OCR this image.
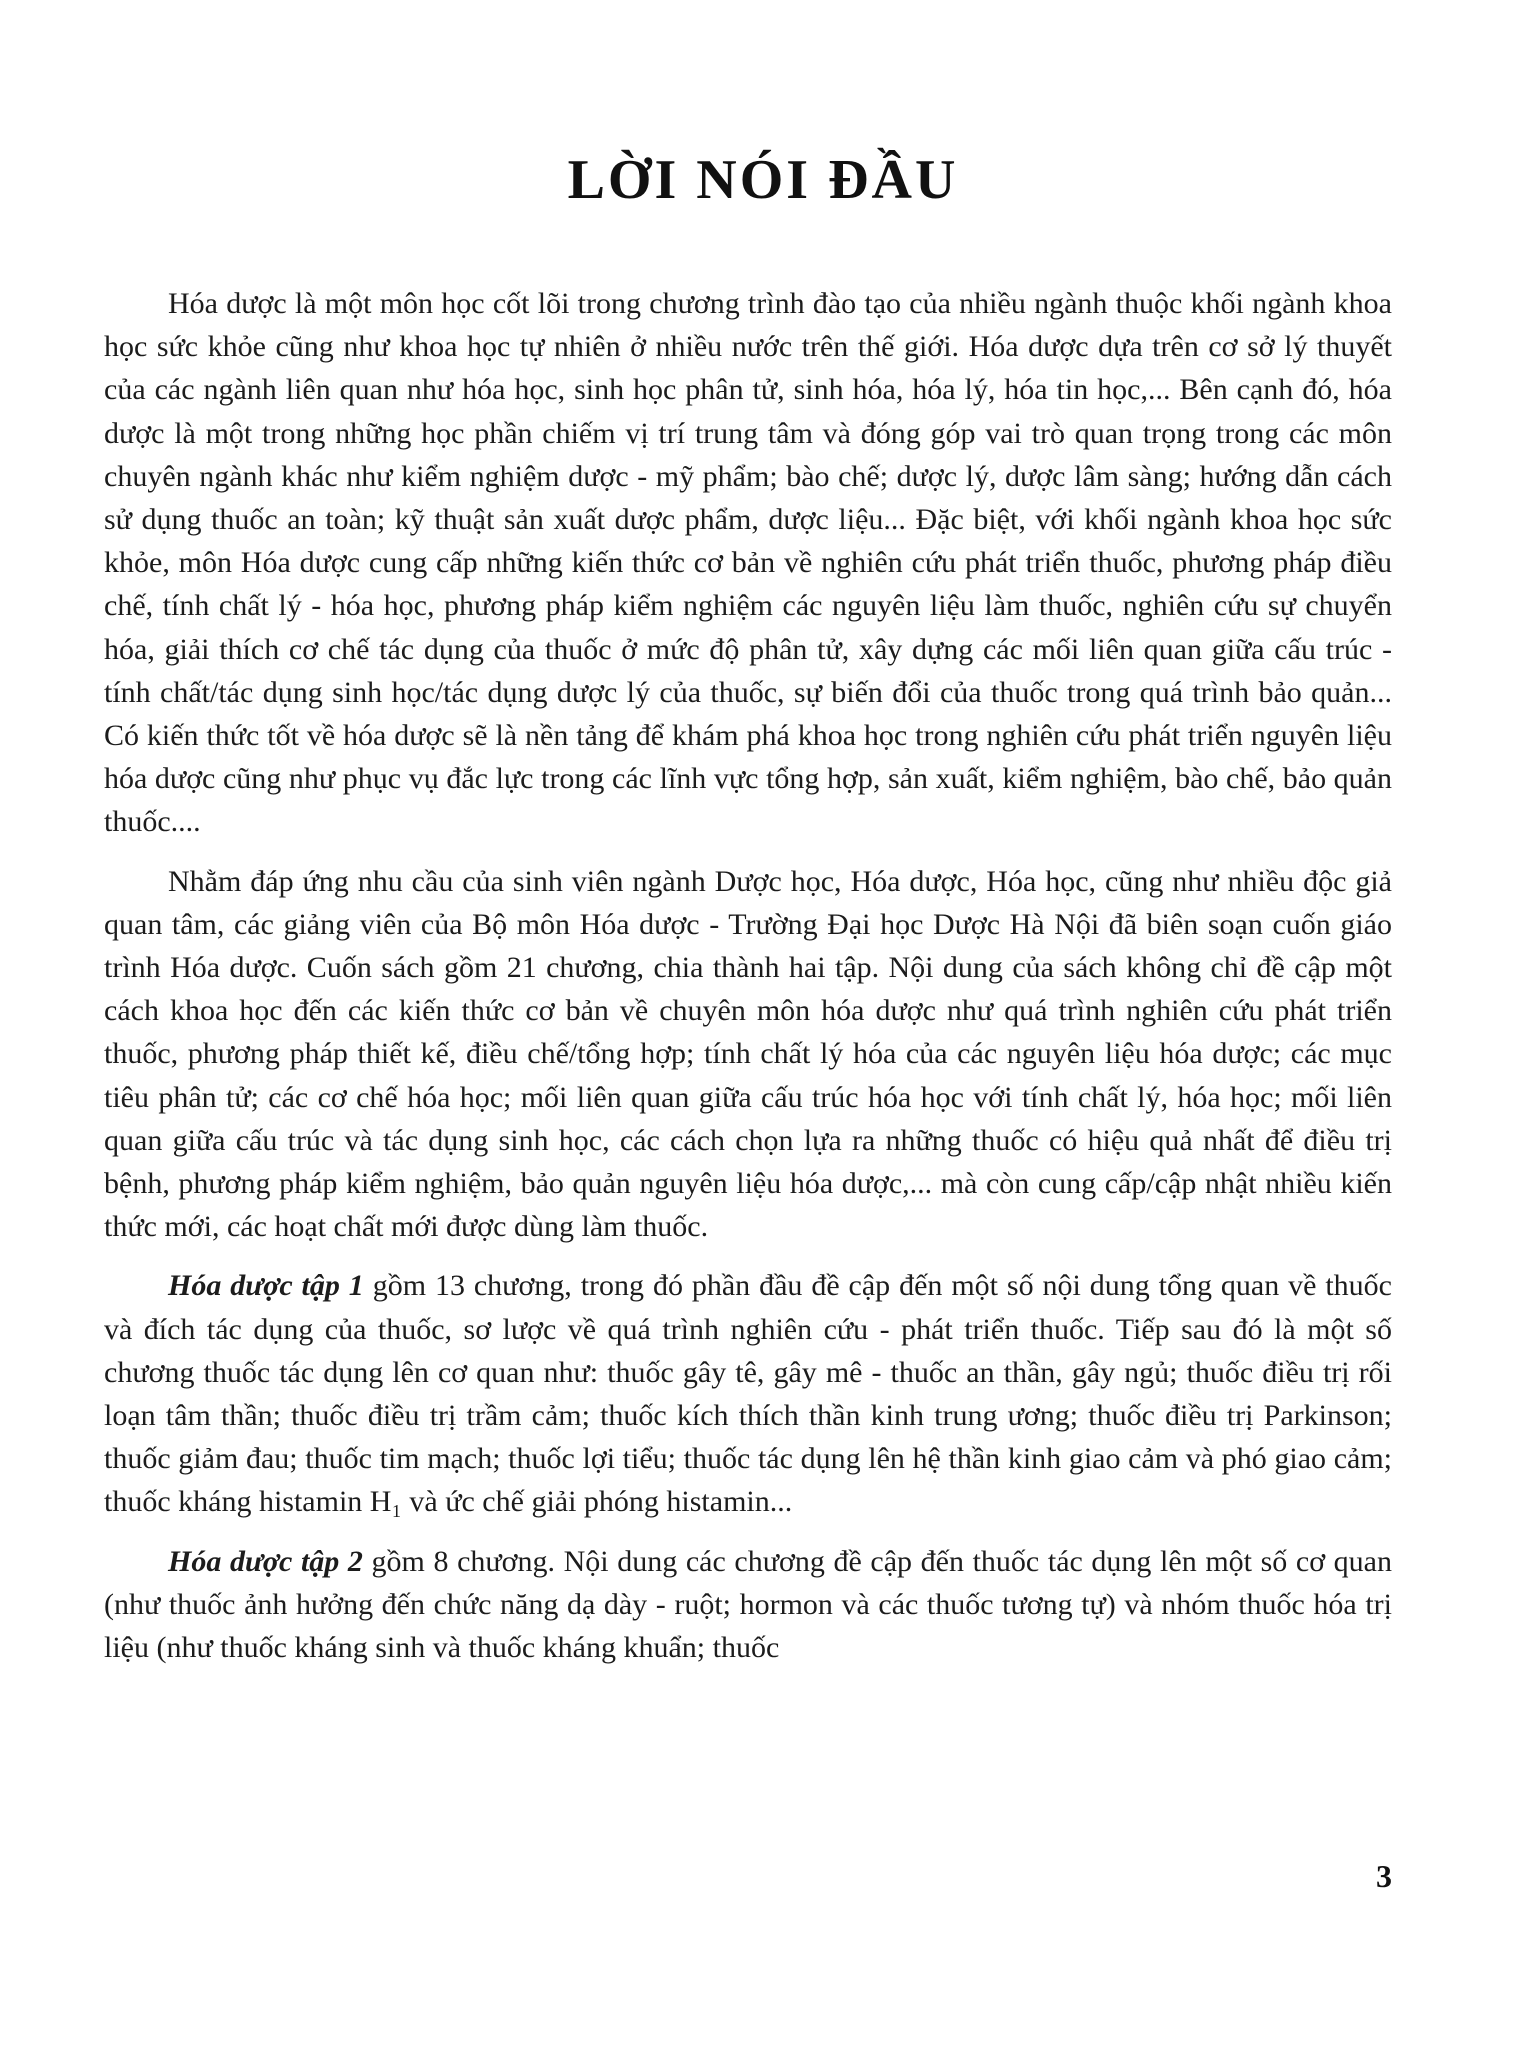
LỜI NÓI ĐẦU

Hóa dược là một môn học cốt lõi trong chương trình đào tạo của nhiều ngành thuộc khối ngành khoa học sức khỏe cũng như khoa học tự nhiên ở nhiều nước trên thế giới. Hóa dược dựa trên cơ sở lý thuyết của các ngành liên quan như hóa học, sinh học phân tử, sinh hóa, hóa lý, hóa tin học,... Bên cạnh đó, hóa dược là một trong những học phần chiếm vị trí trung tâm và đóng góp vai trò quan trọng trong các môn chuyên ngành khác như kiểm nghiệm dược - mỹ phẩm; bào chế; dược lý, dược lâm sàng; hướng dẫn cách sử dụng thuốc an toàn; kỹ thuật sản xuất dược phẩm, dược liệu... Đặc biệt, với khối ngành khoa học sức khỏe, môn Hóa dược cung cấp những kiến thức cơ bản về nghiên cứu phát triển thuốc, phương pháp điều chế, tính chất lý - hóa học, phương pháp kiểm nghiệm các nguyên liệu làm thuốc, nghiên cứu sự chuyển hóa, giải thích cơ chế tác dụng của thuốc ở mức độ phân tử, xây dựng các mối liên quan giữa cấu trúc - tính chất/tác dụng sinh học/tác dụng dược lý của thuốc, sự biến đổi của thuốc trong quá trình bảo quản... Có kiến thức tốt về hóa dược sẽ là nền tảng để khám phá khoa học trong nghiên cứu phát triển nguyên liệu hóa dược cũng như phục vụ đắc lực trong các lĩnh vực tổng hợp, sản xuất, kiểm nghiệm, bào chế, bảo quản thuốc....

Nhằm đáp ứng nhu cầu của sinh viên ngành Dược học, Hóa dược, Hóa học, cũng như nhiều độc giả quan tâm, các giảng viên của Bộ môn Hóa dược - Trường Đại học Dược Hà Nội đã biên soạn cuốn giáo trình Hóa dược. Cuốn sách gồm 21 chương, chia thành hai tập. Nội dung của sách không chỉ đề cập một cách khoa học đến các kiến thức cơ bản về chuyên môn hóa dược như quá trình nghiên cứu phát triển thuốc, phương pháp thiết kế, điều chế/tổng hợp; tính chất lý hóa của các nguyên liệu hóa dược; các mục tiêu phân tử; các cơ chế hóa học; mối liên quan giữa cấu trúc hóa học với tính chất lý, hóa học; mối liên quan giữa cấu trúc và tác dụng sinh học, các cách chọn lựa ra những thuốc có hiệu quả nhất để điều trị bệnh, phương pháp kiểm nghiệm, bảo quản nguyên liệu hóa dược,... mà còn cung cấp/cập nhật nhiều kiến thức mới, các hoạt chất mới được dùng làm thuốc.

Hóa dược tập 1 gồm 13 chương, trong đó phần đầu đề cập đến một số nội dung tổng quan về thuốc và đích tác dụng của thuốc, sơ lược về quá trình nghiên cứu - phát triển thuốc. Tiếp sau đó là một số chương thuốc tác dụng lên cơ quan như: thuốc gây tê, gây mê - thuốc an thần, gây ngủ; thuốc điều trị rối loạn tâm thần; thuốc điều trị trầm cảm; thuốc kích thích thần kinh trung ương; thuốc điều trị Parkinson; thuốc giảm đau; thuốc tim mạch; thuốc lợi tiểu; thuốc tác dụng lên hệ thần kinh giao cảm và phó giao cảm; thuốc kháng histamin H₁ và ức chế giải phóng histamin...

Hóa dược tập 2 gồm 8 chương. Nội dung các chương đề cập đến thuốc tác dụng lên một số cơ quan (như thuốc ảnh hưởng đến chức năng dạ dày - ruột; hormon và các thuốc tương tự) và nhóm thuốc hóa trị liệu (như thuốc kháng sinh và thuốc kháng khuẩn; thuốc

3
